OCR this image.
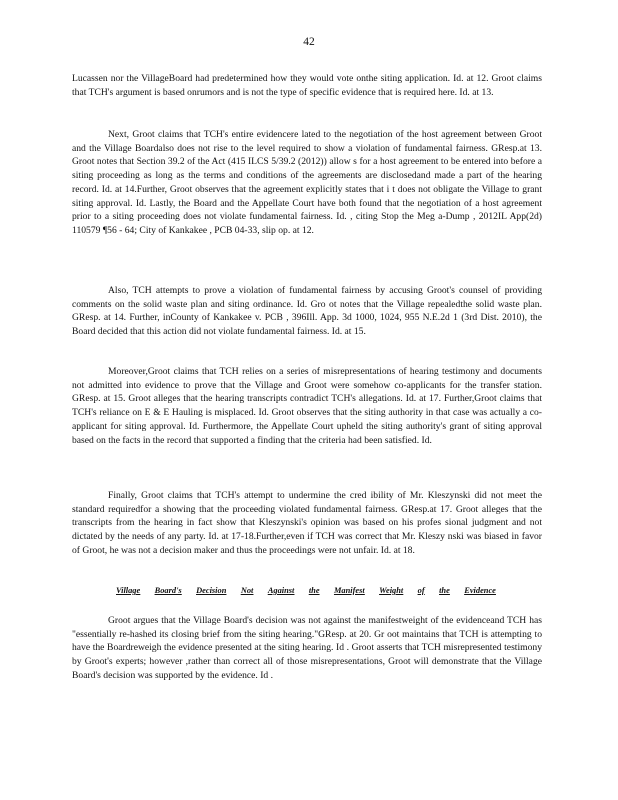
42

Lucassen nor the VillageBoard had predetermined how they would vote onthe siting application. Id. at 12. Groot claims that TCH's argument is based onrumors and is not the type of specific evidence that is required here. Id. at 13.

Next, Groot claims that TCH's entire evidencere lated to the negotiation of the host agreement between Groot and the Village Boardalso does not rise to the level required to show a violation of fundamental fairness. GResp.at 13. Groot notes that Section 39.2 of the Act (415 ILCS 5/39.2 (2012)) allow s for a host agreement to be entered into before a siting proceeding as long as the terms and conditions of the agreements are disclosedand made a part of the hearing record. Id. at 14.Further, Groot observes that the agreement explicitly states that i t does not obligate the Village to grant siting approval. Id. Lastly, the Board and the Appellate Court have both found that the negotiation of a host agreement prior to a siting proceeding does not violate fundamental fairness. Id. , citing Stop the Meg a-Dump , 2012IL App(2d) 110579 ¶56 - 64; City of Kankakee , PCB 04-33, slip op. at 12.

Also, TCH attempts to prove a violation of fundamental fairness by accusing Groot's counsel of providing comments on the solid waste plan and siting ordinance. Id. Gro ot notes that the Village repealedthe solid waste plan. GResp. at 14. Further, inCounty of Kankakee v. PCB , 396Ill. App. 3d 1000, 1024, 955 N.E.2d 1 (3rd Dist. 2010), the Board decided that this action did not violate fundamental fairness. Id. at 15.

Moreover,Groot claims that TCH relies on a series of misrepresentations of hearing testimony and documents not admitted into evidence to prove that the Village and Groot were somehow co-applicants for the transfer station. GResp. at 15. Groot alleges that the hearing transcripts contradict TCH's allegations. Id. at 17. Further,Groot claims that TCH's reliance on E & E Hauling is misplaced. Id. Groot observes that the siting authority in that case was actually a co-applicant for siting approval. Id. Furthermore, the Appellate Court upheld the siting authority's grant of siting approval based on the facts in the record that supported a finding that the criteria had been satisfied. Id.

Finally, Groot claims that TCH's attempt to undermine the cred ibility of Mr. Kleszynski did not meet the standard requiredfor a showing that the proceeding violated fundamental fairness. GResp.at 17. Groot alleges that the transcripts from the hearing in fact show that Kleszynski's opinion was based on his profes sional judgment and not dictated by the needs of any party. Id. at 17-18.Further,even if TCH was correct that Mr. Kleszy nski was biased in favor of Groot, he was not a decision maker and thus the proceedings were not unfair. Id. at 18.

Village Board's Decision Not Against the Manifest Weight of the Evidence

Groot argues that the Village Board's decision was not against the manifestweight of the evidenceand TCH has "essentially re-hashed its closing brief from the siting hearing."GResp. at 20. Gr oot maintains that TCH is attempting to have the Boardreweigh the evidence presented at the siting hearing. Id . Groot asserts that TCH misrepresented testimony by Groot's experts; however ,rather than correct all of those misrepresentations, Groot will demonstrate that the Village Board's decision was supported by the evidence. Id .
